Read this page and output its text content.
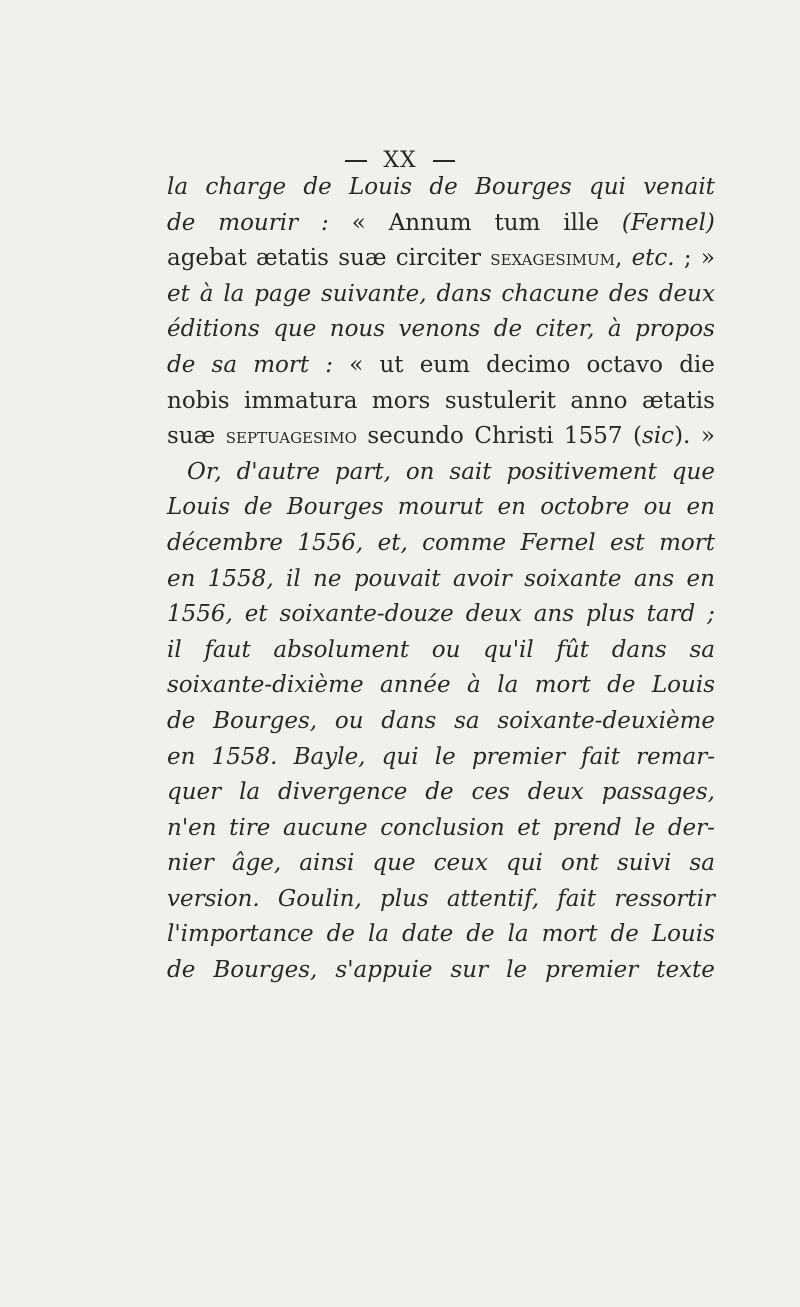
XX
la charge de Louis de Bourges qui venait
de mourir : « Annum tum ille (Fernel)
agebat ætatis suæ circiter sexagesimum, etc. ; »
et à la page suivante, dans chacune des deux
éditions que nous venons de citer, à propos
de sa mort : « ut eum decimo octavo die
nobis immatura mors sustulerit anno ætatis
suæ septuagesimo secundo Christi 1557 (sic). »
Or, d'autre part, on sait positivement que
Louis de Bourges mourut en octobre ou en
décembre 1556, et, comme Fernel est mort
en 1558, il ne pouvait avoir soixante ans en
1556, et soixante-douze deux ans plus tard ;
il faut absolument ou qu'il fût dans sa
soixante-dixième année à la mort de Louis
de Bourges, ou dans sa soixante-deuxième
en 1558. Bayle, qui le premier fait remar-
quer la divergence de ces deux passages,
n'en tire aucune conclusion et prend le der-
nier âge, ainsi que ceux qui ont suivi sa
version. Goulin, plus attentif, fait ressortir
l'importance de la date de la mort de Louis
de Bourges, s'appuie sur le premier texte
